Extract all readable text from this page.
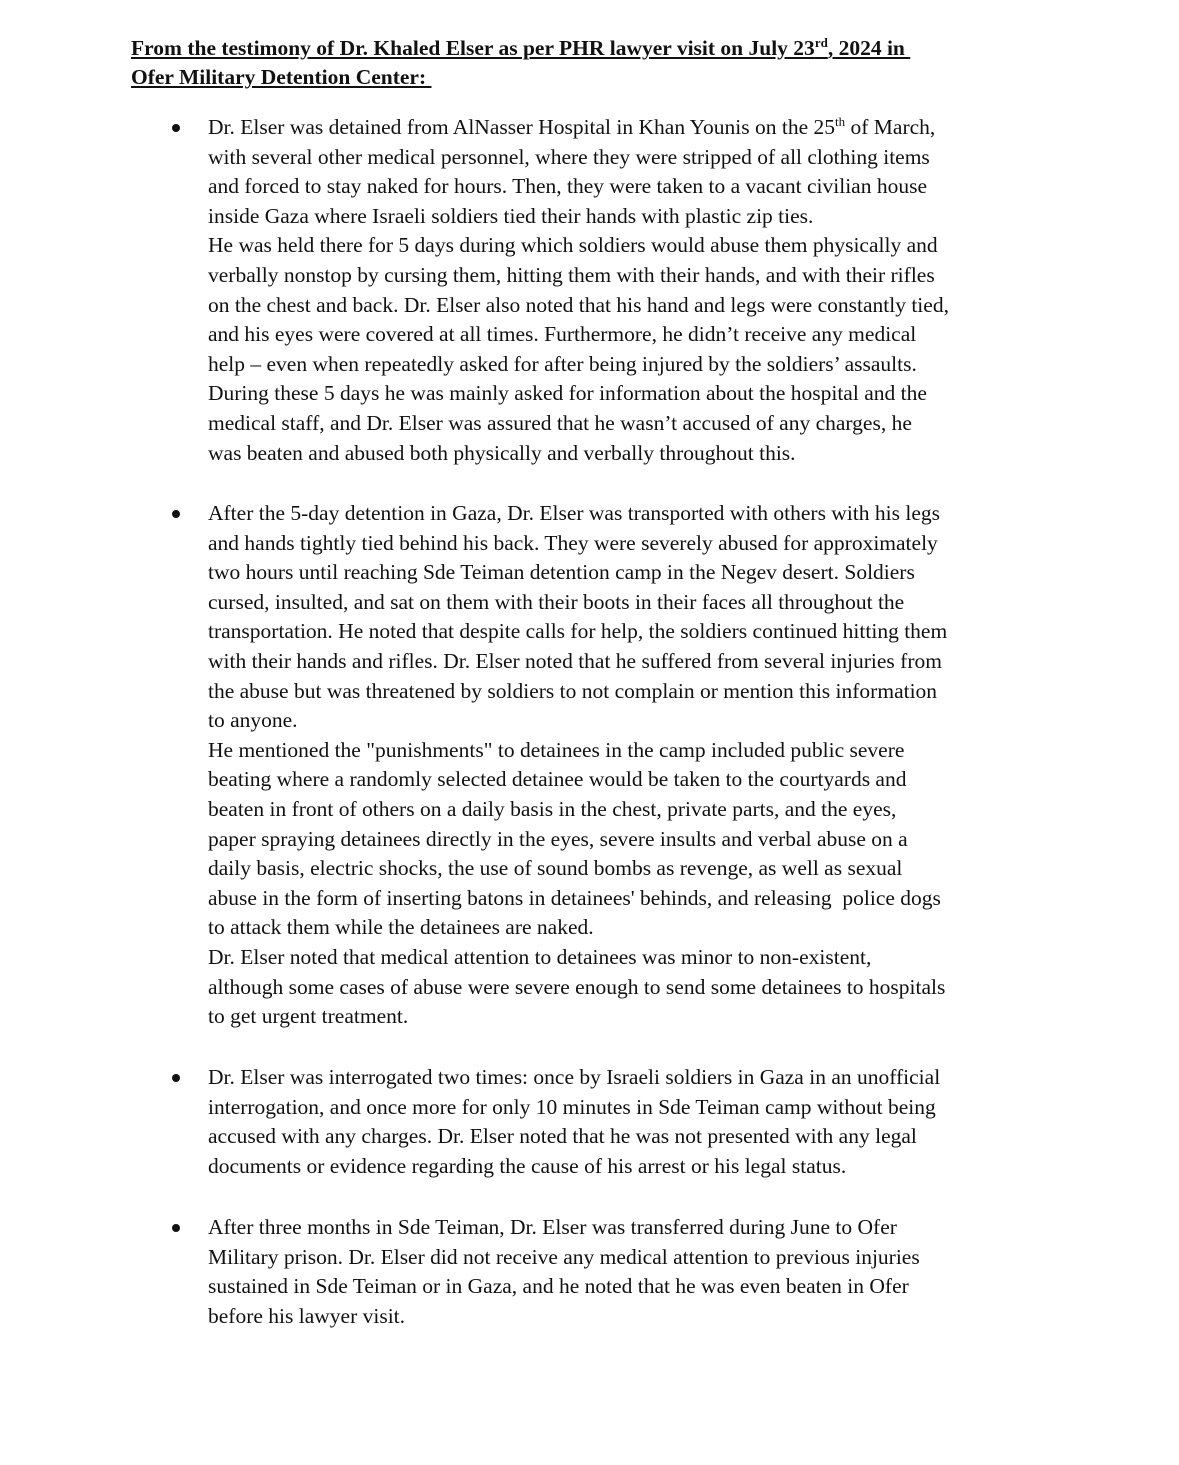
From the testimony of Dr. Khaled Elser as per PHR lawyer visit on July 23rd, 2024 in
Ofer Military Detention Center:
Dr. Elser was detained from AlNasser Hospital in Khan Younis on the 25th of March,
with several other medical personnel, where they were stripped of all clothing items
and forced to stay naked for hours. Then, they were taken to a vacant civilian house
inside Gaza where Israeli soldiers tied their hands with plastic zip ties.
He was held there for 5 days during which soldiers would abuse them physically and
verbally nonstop by cursing them, hitting them with their hands, and with their rifles
on the chest and back. Dr. Elser also noted that his hand and legs were constantly tied,
and his eyes were covered at all times. Furthermore, he didn’t receive any medical
help – even when repeatedly asked for after being injured by the soldiers’ assaults.
During these 5 days he was mainly asked for information about the hospital and the
medical staff, and Dr. Elser was assured that he wasn’t accused of any charges, he
was beaten and abused both physically and verbally throughout this.
After the 5-day detention in Gaza, Dr. Elser was transported with others with his legs
and hands tightly tied behind his back. They were severely abused for approximately
two hours until reaching Sde Teiman detention camp in the Negev desert. Soldiers
cursed, insulted, and sat on them with their boots in their faces all throughout the
transportation. He noted that despite calls for help, the soldiers continued hitting them
with their hands and rifles. Dr. Elser noted that he suffered from several injuries from
the abuse but was threatened by soldiers to not complain or mention this information
to anyone.
He mentioned the "punishments" to detainees in the camp included public severe
beating where a randomly selected detainee would be taken to the courtyards and
beaten in front of others on a daily basis in the chest, private parts, and the eyes,
paper spraying detainees directly in the eyes, severe insults and verbal abuse on a
daily basis, electric shocks, the use of sound bombs as revenge, as well as sexual
abuse in the form of inserting batons in detainees' behinds, and releasing  police dogs
to attack them while the detainees are naked.
Dr. Elser noted that medical attention to detainees was minor to non-existent,
although some cases of abuse were severe enough to send some detainees to hospitals
to get urgent treatment.
Dr. Elser was interrogated two times: once by Israeli soldiers in Gaza in an unofficial
interrogation, and once more for only 10 minutes in Sde Teiman camp without being
accused with any charges. Dr. Elser noted that he was not presented with any legal
documents or evidence regarding the cause of his arrest or his legal status.
After three months in Sde Teiman, Dr. Elser was transferred during June to Ofer
Military prison. Dr. Elser did not receive any medical attention to previous injuries
sustained in Sde Teiman or in Gaza, and he noted that he was even beaten in Ofer
before his lawyer visit.
